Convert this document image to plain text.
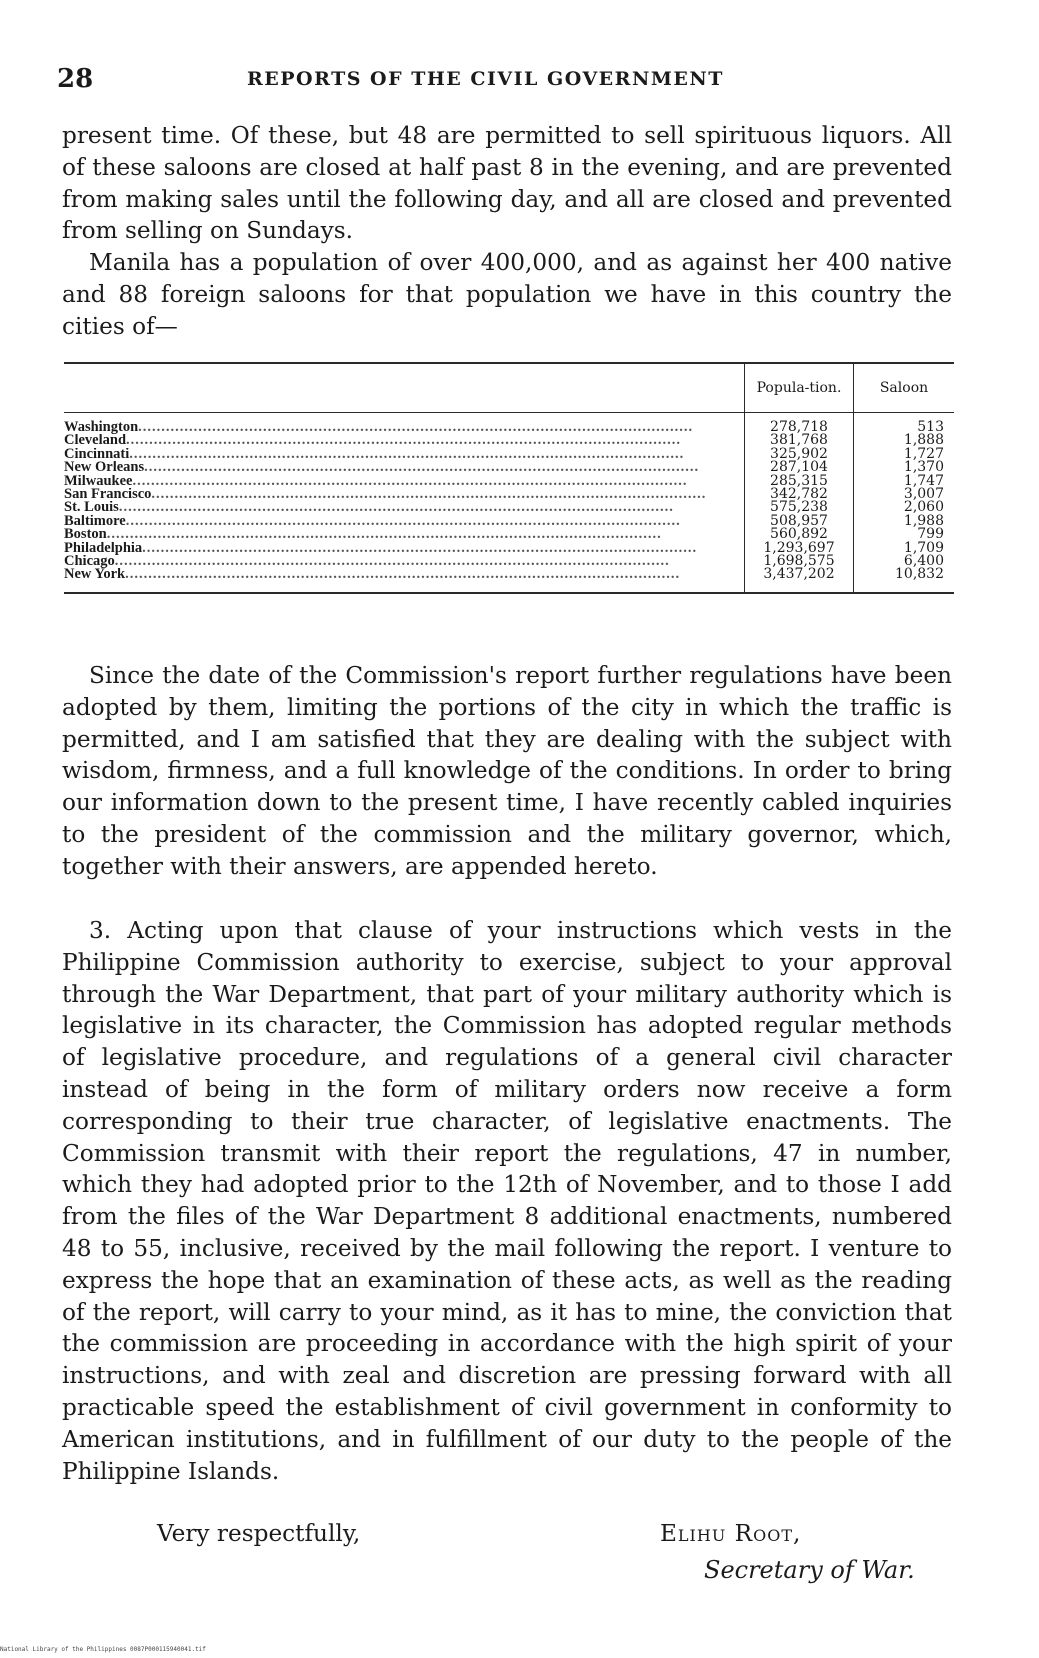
28	REPORTS OF THE CIVIL GOVERNMENT

present time. Of these, but 48 are permitted to sell spirituous liquors. All of these saloons are closed at half past 8 in the evening, and are prevented from making sales until the following day, and all are closed and prevented from selling on Sundays.

Manila has a population of over 400,000, and as against her 400 native and 88 foreign saloons for that population we have in this country the cities of—

	Popula-tion.	Saloon
Washington........................................................................................................................	278,718	513
Cleveland........................................................................................................................	381,768	1,888
Cincinnati........................................................................................................................	325,902	1,727
New Orleans........................................................................................................................	287,104	1,370
Milwaukee........................................................................................................................	285,315	1,747
San Francisco........................................................................................................................	342,782	3,007
St. Louis........................................................................................................................	575,238	2,060
Baltimore........................................................................................................................	508,957	1,988
Boston........................................................................................................................	560,892	799
Philadelphia........................................................................................................................	1,293,697	1,709
Chicago........................................................................................................................	1,698,575	6,400
New York........................................................................................................................	3,437,202	10,832

Since the date of the Commission's report further regulations have been adopted by them, limiting the portions of the city in which the traffic is permitted, and I am satisfied that they are dealing with the subject with wisdom, firmness, and a full knowledge of the conditions. In order to bring our information down to the present time, I have recently cabled inquiries to the president of the commission and the military governor, which, together with their answers, are appended hereto.

3. Acting upon that clause of your instructions which vests in the Philippine Commission authority to exercise, subject to your approval through the War Department, that part of your military authority which is legislative in its character, the Commission has adopted regular methods of legislative procedure, and regulations of a general civil character instead of being in the form of military orders now receive a form corresponding to their true character, of legislative enactments. The Commission transmit with their report the regulations, 47 in number, which they had adopted prior to the 12th of November, and to those I add from the files of the War Department 8 additional enactments, numbered 48 to 55, inclusive, received by the mail following the report. I venture to express the hope that an examination of these acts, as well as the reading of the report, will carry to your mind, as it has to mine, the conviction that the commission are proceeding in accordance with the high spirit of your instructions, and with zeal and discretion are pressing forward with all practicable speed the establishment of civil government in conformity to American institutions, and in fulfillment of our duty to the people of the Philippine Islands.

Very respectfully,	Elihu Root,
Secretary of War.
National Library of the Philippines 0087P000115940041.tif
